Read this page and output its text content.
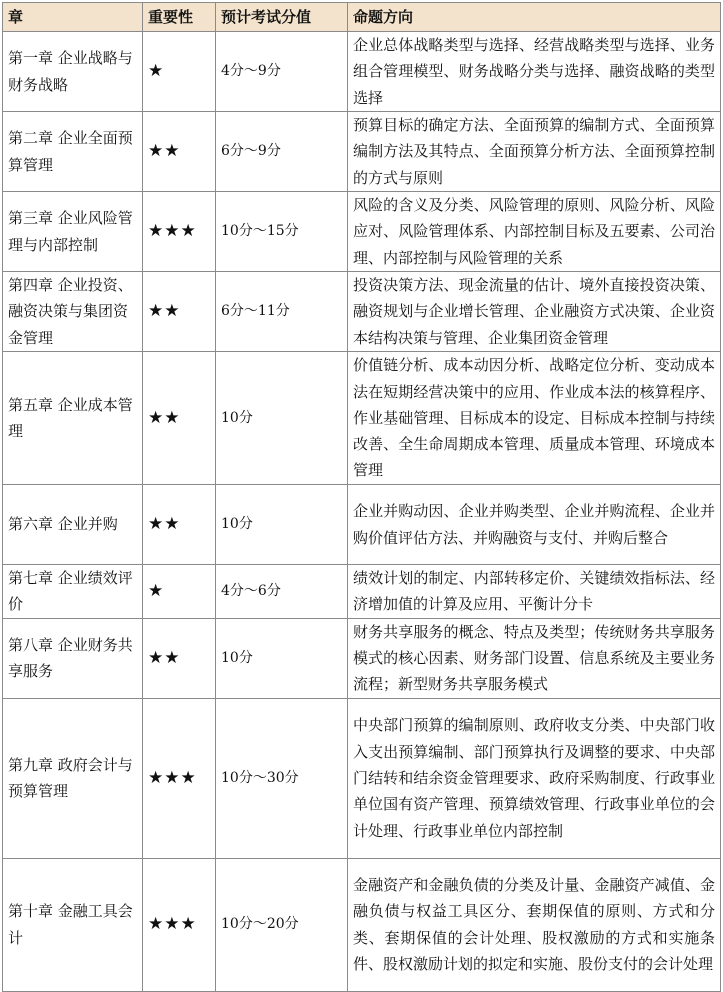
章	重要性	预计考试分值	命题方向
第一章 企业战略与财务战略	★	4分～9分	企业总体战略类型与选择、经营战略类型与选择、业务组合管理模型、财务战略分类与选择、融资战略的类型选择
第二章 企业全面预算管理	★★	6分～9分	预算目标的确定方法、全面预算的编制方式、全面预算编制方法及其特点、全面预算分析方法、全面预算控制的方式与原则
第三章 企业风险管理与内部控制	★★★	10分～15分	风险的含义及分类、风险管理的原则、风险分析、风险应对、风险管理体系、内部控制目标及五要素、公司治理、内部控制与风险管理的关系
第四章 企业投资、融资决策与集团资金管理	★★	6分～11分	投资决策方法、现金流量的估计、境外直接投资决策、融资规划与企业增长管理、企业融资方式决策、企业资本结构决策与管理、企业集团资金管理
第五章 企业成本管理	★★	10分	价值链分析、成本动因分析、战略定位分析、变动成本法在短期经营决策中的应用、作业成本法的核算程序、作业基础管理、目标成本的设定、目标成本控制与持续改善、全生命周期成本管理、质量成本管理、环境成本管理
第六章 企业并购	★★	10分	企业并购动因、企业并购类型、企业并购流程、企业并购价值评估方法、并购融资与支付、并购后整合
第七章 企业绩效评价	★	4分～6分	绩效计划的制定、内部转移定价、关键绩效指标法、经济增加值的计算及应用、平衡计分卡
第八章 企业财务共享服务	★★	10分	财务共享服务的概念、特点及类型；传统财务共享服务模式的核心因素、财务部门设置、信息系统及主要业务流程；新型财务共享服务模式
第九章 政府会计与预算管理	★★★	10分～30分	中央部门预算的编制原则、政府收支分类、中央部门收入支出预算编制、部门预算执行及调整的要求、中央部门结转和结余资金管理要求、政府采购制度、行政事业单位国有资产管理、预算绩效管理、行政事业单位的会计处理、行政事业单位内部控制
第十章 金融工具会计	★★★	10分～20分	金融资产和金融负债的分类及计量、金融资产减值、金融负债与权益工具区分、套期保值的原则、方式和分类、套期保值的会计处理、股权激励的方式和实施条件、股权激励计划的拟定和实施、股份支付的会计处理
